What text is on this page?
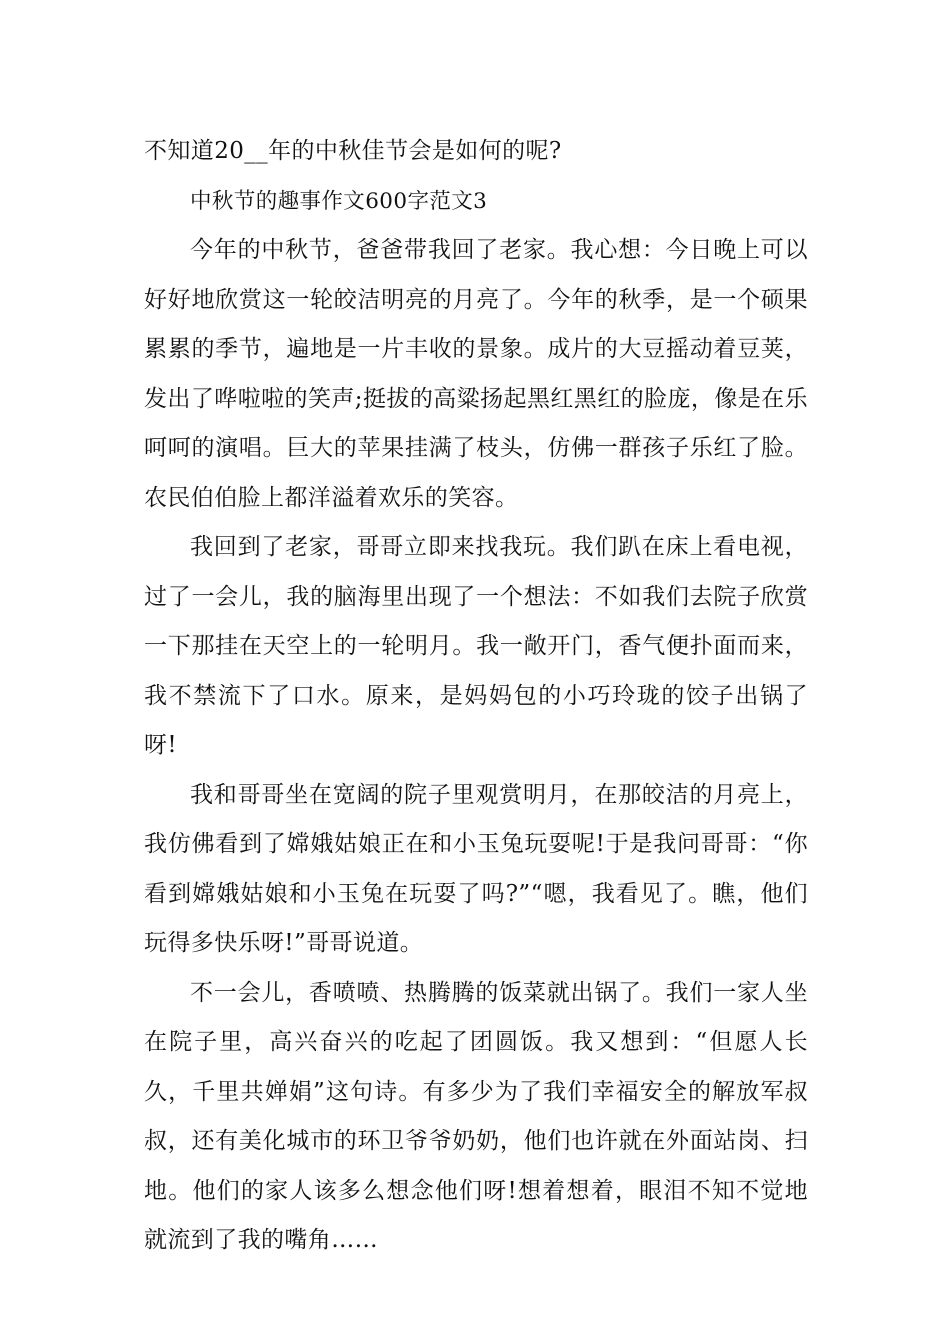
不知道20__年的中秋佳节会是如何的呢?

中秋节的趣事作文600字范文3

今年的中秋节，爸爸带我回了老家。我心想：今日晚上可以好好地欣赏这一轮皎洁明亮的月亮了。今年的秋季，是一个硕果累累的季节，遍地是一片丰收的景象。成片的大豆摇动着豆荚，发出了哗啦啦的笑声;挺拔的高粱扬起黑红黑红的脸庞，像是在乐呵呵的演唱。巨大的苹果挂满了枝头，仿佛一群孩子乐红了脸。农民伯伯脸上都洋溢着欢乐的笑容。

我回到了老家，哥哥立即来找我玩。我们趴在床上看电视，过了一会儿，我的脑海里出现了一个想法：不如我们去院子欣赏一下那挂在天空上的一轮明月。我一敞开门，香气便扑面而来，我不禁流下了口水。原来，是妈妈包的小巧玲珑的饺子出锅了呀!

我和哥哥坐在宽阔的院子里观赏明月，在那皎洁的月亮上，我仿佛看到了嫦娥姑娘正在和小玉兔玩耍呢!于是我问哥哥：“你看到嫦娥姑娘和小玉兔在玩耍了吗?”“嗯，我看见了。瞧，他们玩得多快乐呀!”哥哥说道。

不一会儿，香喷喷、热腾腾的饭菜就出锅了。我们一家人坐在院子里，高兴奋兴的吃起了团圆饭。我又想到：“但愿人长久，千里共婵娟”这句诗。有多少为了我们幸福安全的解放军叔叔，还有美化城市的环卫爷爷奶奶，他们也许就在外面站岗、扫地。他们的家人该多么想念他们呀!想着想着，眼泪不知不觉地就流到了我的嘴角……
